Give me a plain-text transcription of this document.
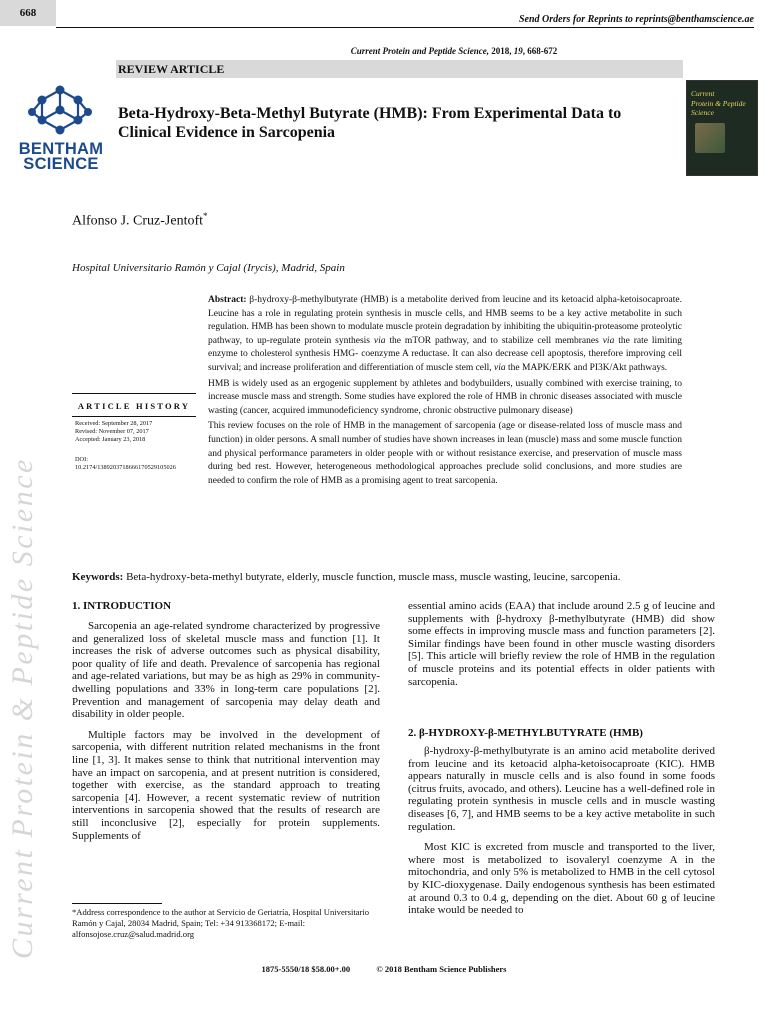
668
Send Orders for Reprints to reprints@benthamscience.ae
Current Protein and Peptide Science, 2018, 19, 668-672
REVIEW ARTICLE
BENTHAM
SCIENCE
Beta-Hydroxy-Beta-Methyl Butyrate (HMB): From Experimental Data to Clinical Evidence in Sarcopenia
Current
Protein & Peptide
Science
Alfonso J. Cruz-Jentoft*
Hospital Universitario Ramón y Cajal (Irycis), Madrid, Spain

Abstract: β-hydroxy-β-methylbutyrate (HMB) is a metabolite derived from leucine and its ketoacid alpha-ketoisocaproate. Leucine has a role in regulating protein synthesis in muscle cells, and HMB seems to be a key active metabolite in such regulation. HMB has been shown to modulate muscle protein degradation by inhibiting the ubiquitin-proteasome proteolytic pathway, to up-regulate protein synthesis via the mTOR pathway, and to stabilize cell membranes via the rate limiting enzyme to cholesterol synthesis HMG- coenzyme A reductase. It can also decrease cell apoptosis, therefore improving cell survival; and increase proliferation and differentiation of muscle stem cell, via the MAPK/ERK and PI3K/Akt pathways.

HMB is widely used as an ergogenic supplement by athletes and bodybuilders, usually combined with exercise training, to increase muscle mass and strength. Some studies have explored the role of HMB in chronic diseases associated with muscle wasting (cancer, acquired immunodeficiency syndrome, chronic obstructive pulmonary disease)

This review focuses on the role of HMB in the management of sarcopenia (age or disease-related loss of muscle mass and function) in older persons. A small number of studies have shown increases in lean (muscle) mass and some muscle function and physical performance parameters in older people with or without resistance exercise, and preservation of muscle mass during bed rest. However, heterogeneous methodological approaches preclude solid conclusions, and more studies are needed to confirm the role of HMB as a promising agent to treat sarcopenia.

ARTICLE HISTORY
Received: September 28, 2017
Revised: November 07, 2017
Accepted: January 23, 2018
DOI:
10.2174/1389203718666170529105026
Keywords: Beta-hydroxy-beta-methyl butyrate, elderly, muscle function, muscle mass, muscle wasting, leucine, sarcopenia.
1. INTRODUCTION

Sarcopenia an age-related syndrome characterized by progressive and generalized loss of skeletal muscle mass and function [1]. It increases the risk of adverse outcomes such as physical disability, poor quality of life and death. Prevalence of sarcopenia has regional and age-related variations, but may be as high as 29% in community-dwelling populations and 33% in long-term care populations [2]. Prevention and management of sarcopenia may delay death and disability in older people.

Multiple factors may be involved in the development of sarcopenia, with different nutrition related mechanisms in the front line [1, 3]. It makes sense to think that nutritional intervention may have an impact on sarcopenia, and at present nutrition is considered, together with exercise, as the standard approach to treating sarcopenia [4]. However, a recent systematic review of nutrition interventions in sarcopenia showed that the results of research are still inconclusive [2], especially for protein supplements. Supplements of

essential amino acids (EAA) that include around 2.5 g of leucine and supplements with β-hydroxy β-methylbutyrate (HMB) did show some effects in improving muscle mass and function parameters [2]. Similar findings have been found in other muscle wasting disorders [5]. This article will briefly review the role of HMB in the regulation of muscle proteins and its potential effects in older patients with sarcopenia.

2. β-HYDROXY-β-METHYLBUTYRATE (HMB)

β-hydroxy-β-methylbutyrate is an amino acid metabolite derived from leucine and its ketoacid alpha-ketoisocaproate (KIC). HMB appears naturally in muscle cells and is also found in some foods (citrus fruits, avocado, and others). Leucine has a well-defined role in regulating protein synthesis in muscle cells and in muscle wasting diseases [6, 7], and HMB seems to be a key active metabolite in such regulation.

Most KIC is excreted from muscle and transported to the liver, where most is metabolized to isovaleryl coenzyme A in the mitochondria, and only 5% is metabolized to HMB in the cell cytosol by KIC-dioxygenase. Daily endogenous synthesis has been estimated at around 0.3 to 0.4 g, depending on the diet. About 60 g of leucine intake would be needed to

*Address correspondence to the author at Servicio de Geriatría, Hospital Universitario Ramón y Cajal, 28034 Madrid, Spain; Tel: +34 913368172; E-mail: alfonsojose.cruz@salud.madrid.org
1875-5550/18 $58.00+.00	© 2018 Bentham Science Publishers
Current Protein & Peptide Science
